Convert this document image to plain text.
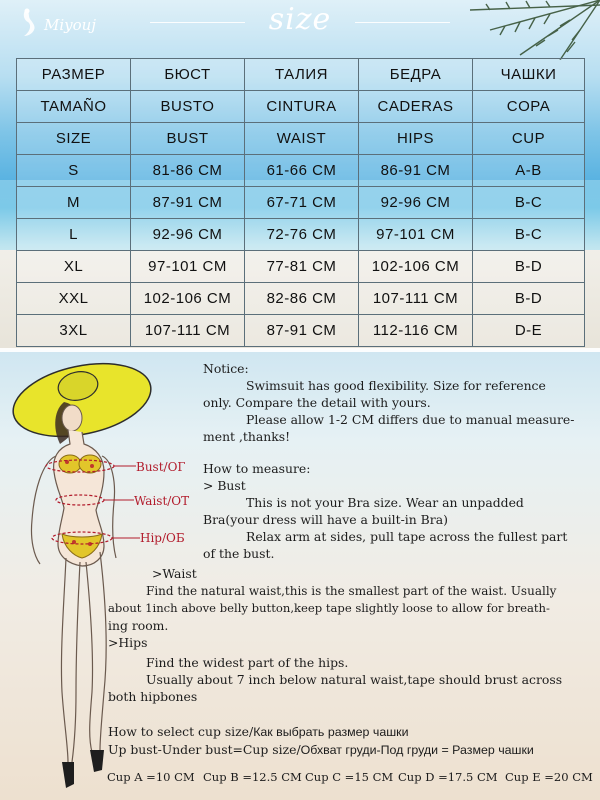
Miyouj	size
РАЗМЕР	БЮСТ	ТАЛИЯ	БЕДРА	ЧАШКИ
TAMAÑO	BUSTO	CINTURA	CADERAS	COPA
SIZE	BUST	WAIST	HIPS	CUP
S	81-86 CM	61-66 CM	86-91 CM	A-B
M	87-91 CM	67-71 CM	92-96 CM	B-C
L	92-96 CM	72-76 CM	97-101 CM	B-C
XL	97-101 CM	77-81 CM	102-106 CM	B-D
XXL	102-106 CM	82-86 CM	107-111 CM	B-D
3XL	107-111 CM	87-91 CM	112-116 CM	D-E
Bust/ОГ
Waist/ОТ
Hip/ОБ
Notice:
Swimsuit has good flexibility. Size for reference
only. Compare the detail with yours.
Please allow 1-2 CM differs due to manual measure-
ment ,thanks!
How to measure:
> Bust
This is not your Bra size. Wear an unpadded
Bra(your dress will have a built-in Bra)
Relax arm at sides, pull tape across the fullest part
of the bust.
>Waist
Find the natural waist,this is the smallest part of the waist. Usually
about 1inch above belly button,keep tape slightly loose to allow for breath-
ing room.
>Hips
Find the widest part of the hips.
Usually about 7 inch below natural waist,tape should brust across
both hipbones
How to select cup size/Как выбрать размер чашки
Up bust-Under bust=Cup size/Обхват груди-Под груди = Размер чашки
Cup A =10 CM Cup B =12.5 CM Cup C =15 CM Cup D =17.5 CM Cup E =20 CM
